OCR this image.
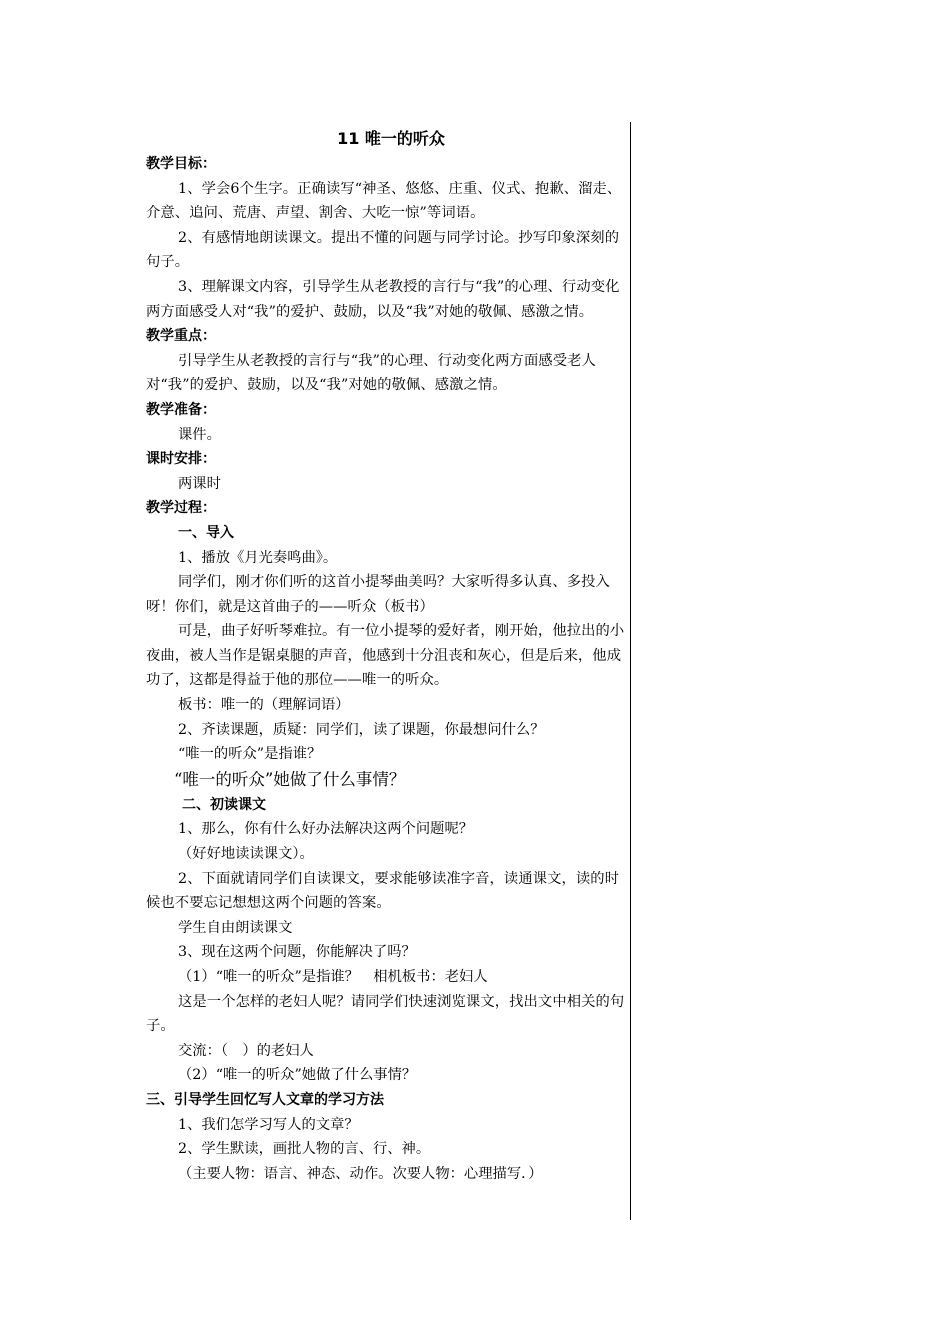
11 唯一的听众

教学目标：

1、学会6个生字。正确读写“神圣、悠悠、庄重、仪式、抱歉、溜走、介意、追问、荒唐、声望、割舍、大吃一惊”等词语。

2、有感情地朗读课文。提出不懂的问题与同学讨论。抄写印象深刻的句子。

3、理解课文内容，引导学生从老教授的言行与“我”的心理、行动变化两方面感受人对“我”的爱护、鼓励，以及“我”对她的敬佩、感激之情。

教学重点：

引导学生从老教授的言行与“我”的心理、行动变化两方面感受老人对“我”的爱护、鼓励，以及“我”对她的敬佩、感激之情。

教学准备：

课件。

课时安排：

两课时

教学过程：

一、导入

1、播放《月光奏鸣曲》。

同学们，刚才你们听的这首小提琴曲美吗？大家听得多认真、多投入呀！你们，就是这首曲子的——听众（板书）

可是，曲子好听琴难拉。有一位小提琴的爱好者，刚开始，他拉出的小夜曲，被人当作是锯桌腿的声音，他感到十分沮丧和灰心，但是后来，他成功了，这都是得益于他的那位——唯一的听众。

板书：唯一的（理解词语）

2、齐读课题，质疑：同学们，读了课题，你最想问什么？

“唯一的听众”是指谁？

“唯一的听众”她做了什么事情？

二、初读课文

1、那么，你有什么好办法解决这两个问题呢？

（好好地读读课文）。

2、下面就请同学们自读课文，要求能够读准字音，读通课文，读的时候也不要忘记想想这两个问题的答案。

学生自由朗读课文

3、现在这两个问题，你能解决了吗？

（1）“唯一的听众”是指谁？　相机板书：老妇人

这是一个怎样的老妇人呢？请同学们快速浏览课文，找出文中相关的句子。

交流：（　）的老妇人

（2）“唯一的听众”她做了什么事情？

三、引导学生回忆写人文章的学习方法

1、我们怎学习写人的文章？

2、学生默读，画批人物的言、行、神。

（主要人物：语言、神态、动作。次要人物：心理描写．）
